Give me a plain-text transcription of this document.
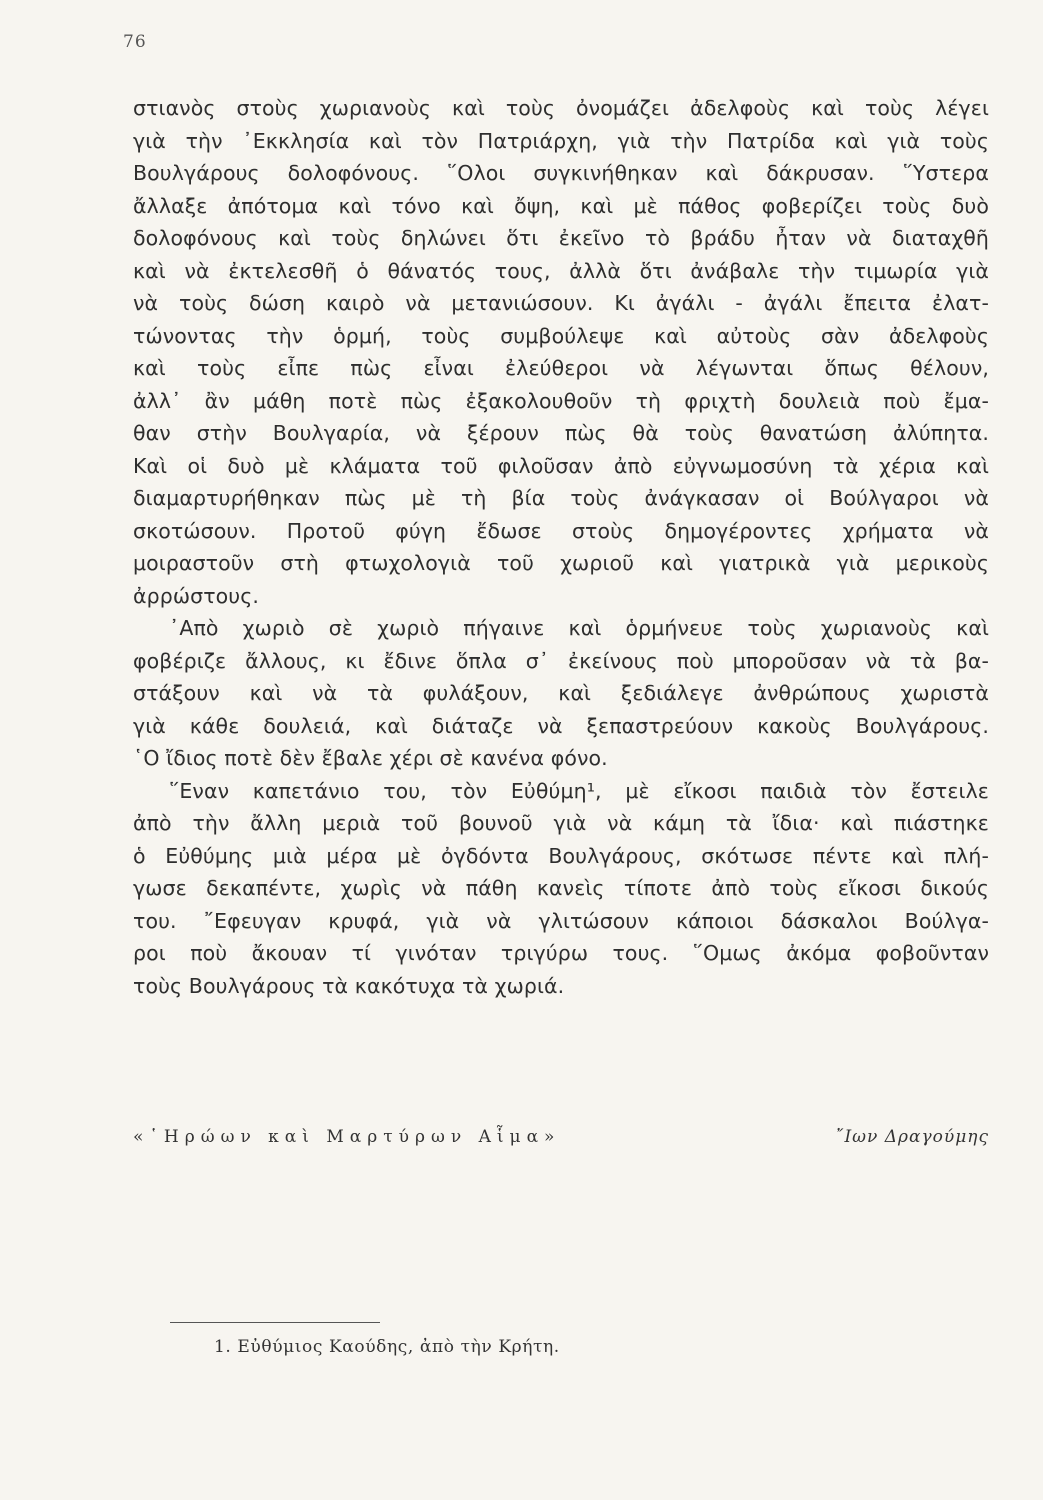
76
στιανὸς στοὺς χωριανοὺς καὶ τοὺς ὀνομάζει ἀδελφοὺς καὶ τοὺς λέγει
γιὰ τὴν ᾿Εκκλησία καὶ τὸν Πατριάρχη, γιὰ τὴν Πατρίδα καὶ γιὰ τοὺς
Βουλγάρους δολοφόνους. ῞Ολοι συγκινήθηκαν καὶ δάκρυσαν. ῞Υστερα
ἄλλαξε ἀπότομα καὶ τόνο καὶ ὄψη, καὶ μὲ πάθος φοβερίζει τοὺς δυὸ
δολοφόνους καὶ τοὺς δηλώνει ὅτι ἐκεῖνο τὸ βράδυ ἦταν νὰ διαταχθῆ
καὶ νὰ ἐκτελεσθῆ ὁ θάνατός τους, ἀλλὰ ὅτι ἀνάβαλε τὴν τιμωρία γιὰ
νὰ τοὺς δώση καιρὸ νὰ μετανιώσουν. Κι ἀγάλι - ἀγάλι ἔπειτα ἐλατ-
τώνοντας τὴν ὁρμή, τοὺς συμβούλεψε καὶ αὐτοὺς σὰν ἀδελφοὺς
καὶ τοὺς εἶπε πὼς εἶναι ἐλεύθεροι νὰ λέγωνται ὅπως θέλουν,
ἀλλ᾿ ἂν μάθη ποτὲ πὼς ἐξακολουθοῦν τὴ φριχτὴ δουλειὰ ποὺ ἔμα-
θαν στὴν Βουλγαρία, νὰ ξέρουν πὼς θὰ τοὺς θανατώση ἀλύπητα.
Καὶ οἱ δυὸ μὲ κλάματα τοῦ φιλοῦσαν ἀπὸ εὐγνωμοσύνη τὰ χέρια καὶ
διαμαρτυρήθηκαν πὼς μὲ τὴ βία τοὺς ἀνάγκασαν οἱ Βούλγαροι νὰ
σκοτώσουν. Προτοῦ φύγη ἔδωσε στοὺς δημογέροντες χρήματα νὰ
μοιραστοῦν στὴ φτωχολογιὰ τοῦ χωριοῦ καὶ γιατρικὰ γιὰ μερικοὺς
ἀρρώστους.
᾿Απὸ χωριὸ σὲ χωριὸ πήγαινε καὶ ὁρμήνευε τοὺς χωριανοὺς καὶ
φοβέριζε ἄλλους, κι ἔδινε ὅπλα σ᾿ ἐκείνους ποὺ μποροῦσαν νὰ τὰ βα-
στάξουν καὶ νὰ τὰ φυλάξουν, καὶ ξεδιάλεγε ἀνθρώπους χωριστὰ
γιὰ κάθε δουλειά, καὶ διάταζε νὰ ξεπαστρεύουν κακοὺς Βουλγάρους.
῾Ο ἴδιος ποτὲ δὲν ἔβαλε χέρι σὲ κανένα φόνο.
῞Εναν καπετάνιο του, τὸν Εὐθύμη¹, μὲ εἴκοσι παιδιὰ τὸν ἔστειλε
ἀπὸ τὴν ἄλλη μεριὰ τοῦ βουνοῦ γιὰ νὰ κάμη τὰ ἴδια· καὶ πιάστηκε
ὁ Εὐθύμης μιὰ μέρα μὲ ὀγδόντα Βουλγάρους, σκότωσε πέντε καὶ πλή-
γωσε δεκαπέντε, χωρὶς νὰ πάθη κανεὶς τίποτε ἀπὸ τοὺς εἴκοσι δικούς
του. ῎Εφευγαν κρυφά, γιὰ νὰ γλιτώσουν κάποιοι δάσκαλοι Βούλγα-
ροι ποὺ ἄκουαν τί γινόταν τριγύρω τους. ῞Ομως ἀκόμα φοβοῦνταν
τοὺς Βουλγάρους τὰ κακότυχα τὰ χωριά.
«῾Ηρώων καὶ Μαρτύρων Αἷμα»	῎Ιων Δραγούμης
1. Εὐθύμιος Καούδης, ἀπὸ τὴν Κρήτη.
